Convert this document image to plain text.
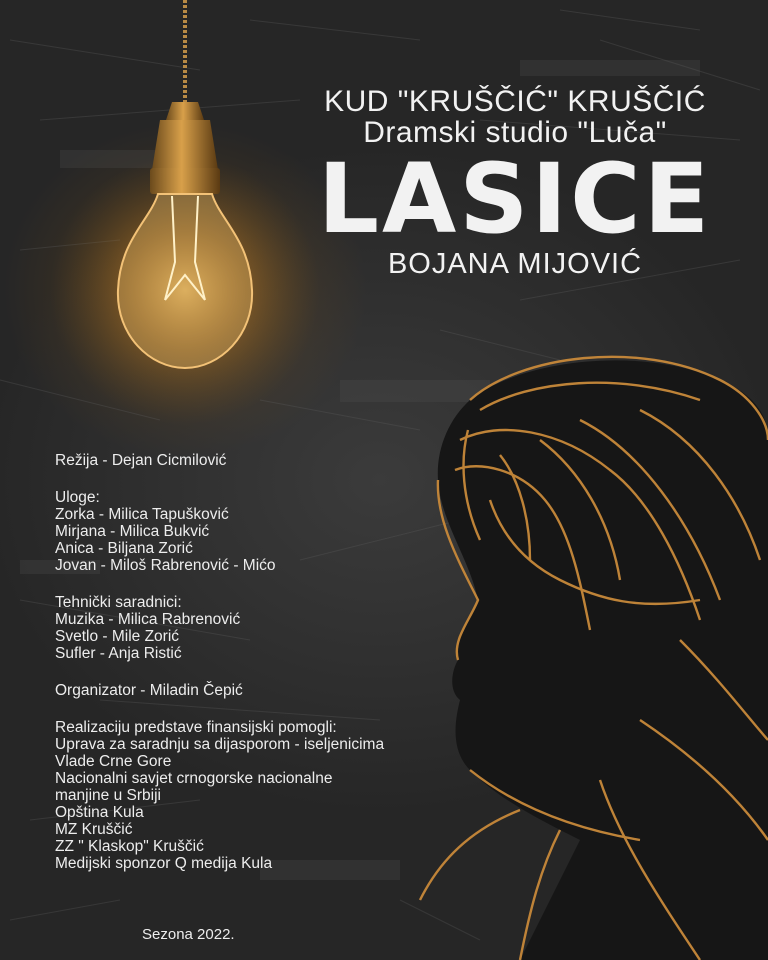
KUD "KRUŠČIĆ" KRUŠČIĆ
Dramski studio "Luča"
LASICE
BOJANA MIJOVIĆ
Režija - Dejan Cicmilović
Uloge:
Zorka - Milica Tapušković
Mirjana - Milica Bukvić
Anica - Biljana Zorić
Jovan - Miloš Rabrenović - Mićo
Tehnički saradnici:
Muzika - Milica Rabrenović
Svetlo - Mile Zorić
Sufler - Anja Ristić
Organizator - Miladin Čepić
Realizaciju predstave finansijski pomogli:
Uprava za saradnju sa dijasporom - iseljenicima
Vlade Crne Gore
Nacionalni savjet crnogorske nacionalne
manjine u Srbiji
Opština Kula
MZ Kruščić
ZZ " Klaskop" Kruščić
Medijski sponzor Q medija Kula
Sezona 2022.
